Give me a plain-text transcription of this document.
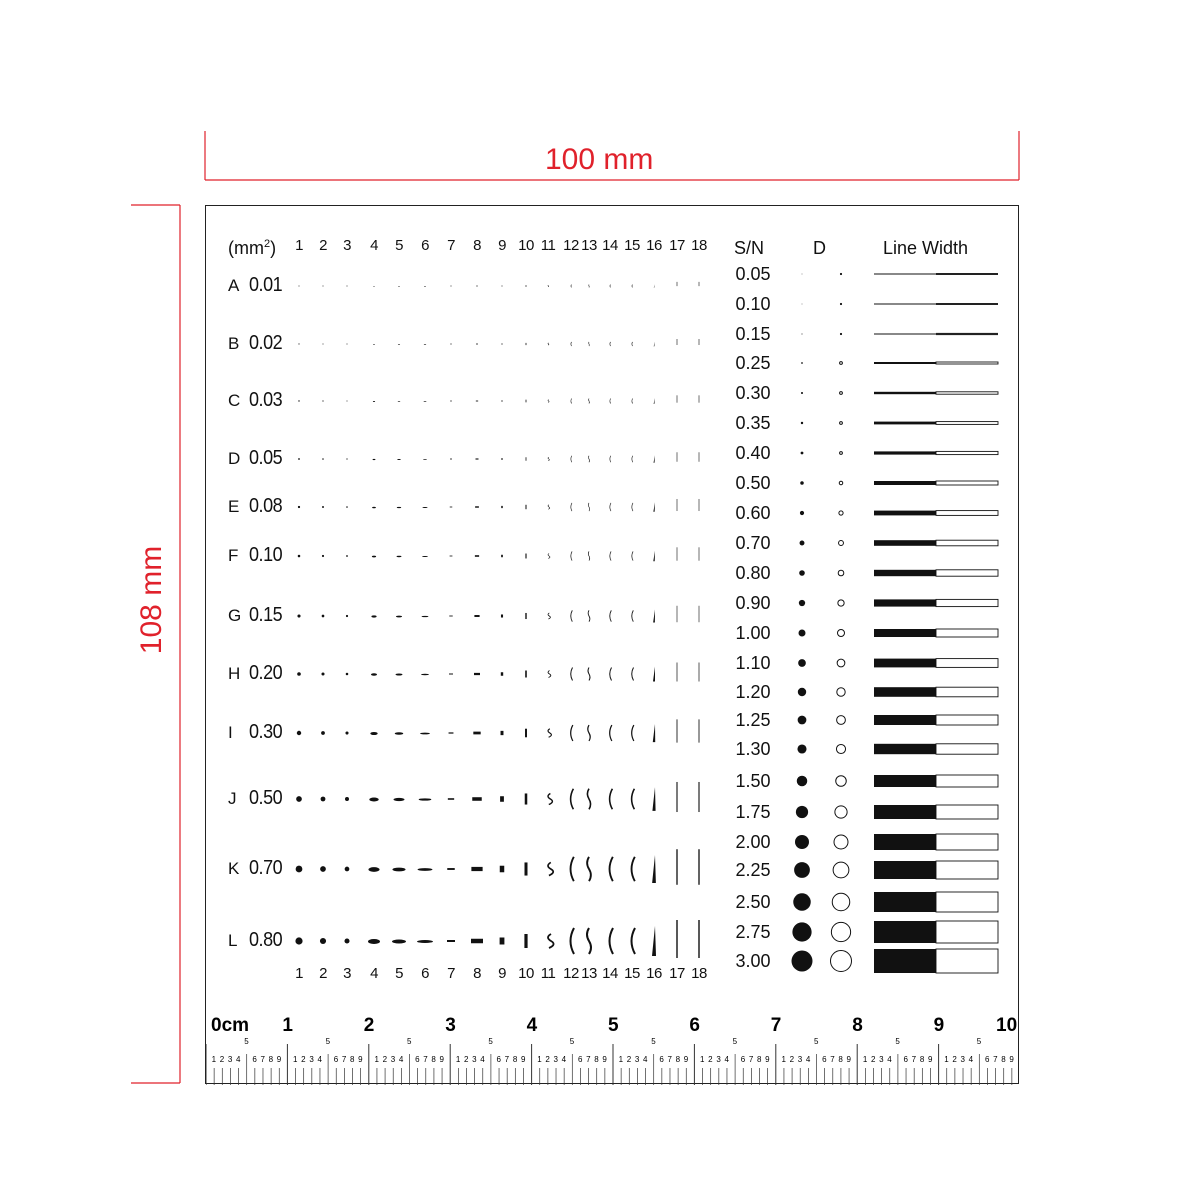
100 mm
108 mm
$(mm^2)$ 1 2 3 4 5 6 7 8 9 10 11 12 13 14 15 16 17 18
1 2 3 4 5 6 7 8 9 10 11 12 13 14 15 16 17 18
A 0.01
B 0.02
C 0.03
D 0.05
E 0.08
F 0.10
G 0.15
H 0.20
I 0.30
J 0.50
K 0.70
L 0.80
S/N	D	Line Width
0.05
0.10
0.15
0.25
0.30
0.35
0.40
0.50
0.60
0.70
0.80
0.90
1.00
1.10
1.20
1.25
1.30
1.50
1.75
2.00
2.25
2.50
2.75
3.00
0cm 1	2	3	4	5	6	7	8	9	10
1 2 3 4
5
6 7 8 9 1 2 3 4
5
6 7 8 9 1 2 3 4
5
6 7 8 9 1 2 3 4
5
6 7 8 9 1 2 3 4
5
6 7 8 9 1 2 3 4
5
6 7 8 9 1 2 3 4
5
6 7 8 9 1 2 3 4
5
6 7 8 9 1 2 3 4
5
6 7 8 9 1 2 3 4
5
6 7 8 9
